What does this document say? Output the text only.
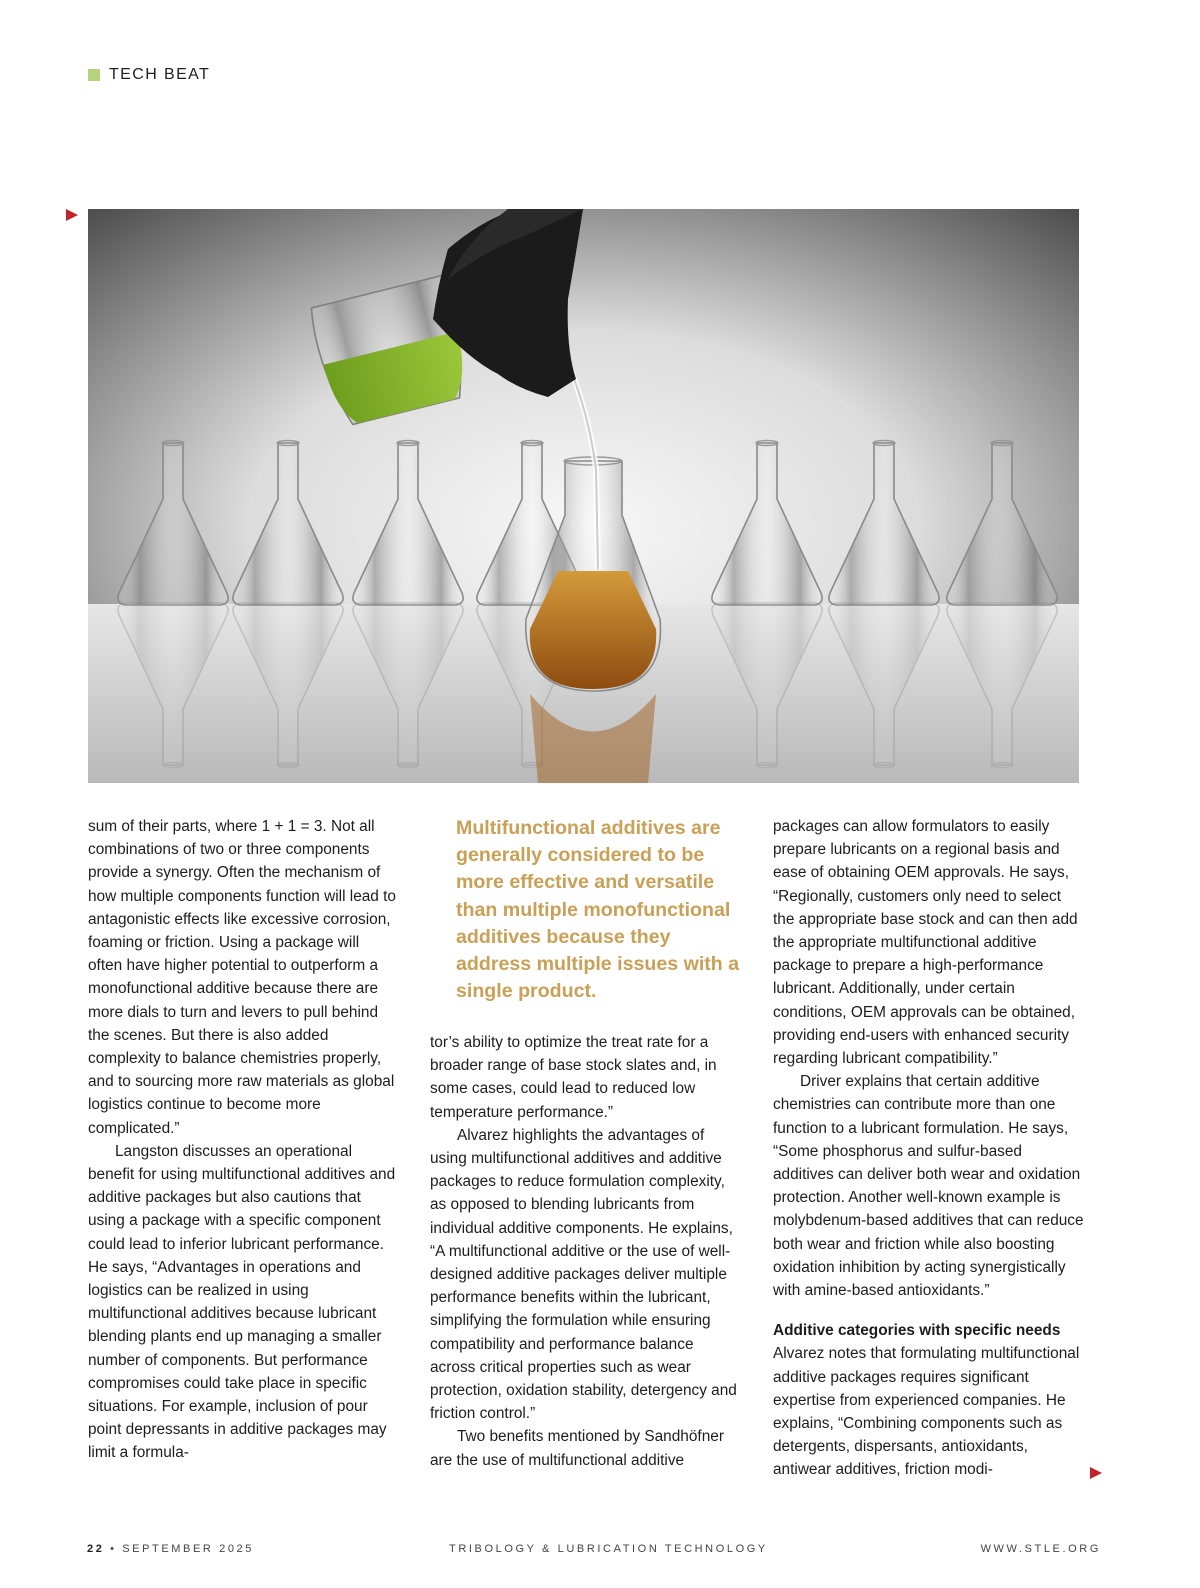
TECH BEAT

sum of their parts, where 1 + 1 = 3. Not all combinations of two or three components provide a synergy. Often the mechanism of how multiple components function will lead to antagonistic effects like excessive corrosion, foaming or friction. Using a package will often have higher potential to outperform a monofunctional additive because there are more dials to turn and levers to pull behind the scenes. But there is also added complexity to balance chemistries properly, and to sourcing more raw materials as global logistics continue to become more complicated.”

Langston discusses an operational benefit for using multifunctional additives and additive packages but also cautions that using a package with a specific component could lead to inferior lubricant performance. He says, “Advantages in operations and logistics can be realized in using multifunctional additives because lubricant blending plants end up managing a smaller number of components. But performance compromises could take place in specific situations. For example, inclusion of pour point depressants in additive packages may limit a formula-

Multifunctional additives are generally considered to be more effective and versatile than multiple monofunctional additives because they address multiple issues with a single product.

tor’s ability to optimize the treat rate for a broader range of base stock slates and, in some cases, could lead to reduced low temperature performance.”

Alvarez highlights the advantages of using multifunctional additives and additive packages to reduce formulation complexity, as opposed to blending lubricants from individual additive components. He explains, “A multifunctional additive or the use of well-designed additive packages deliver multiple performance benefits within the lubricant, simplifying the formulation while ensuring compatibility and performance balance across critical properties such as wear protection, oxidation stability, detergency and friction control.”

Two benefits mentioned by Sandhöfner are the use of multifunctional additive

packages can allow formulators to easily prepare lubricants on a regional basis and ease of obtaining OEM approvals. He says, “Regionally, customers only need to select the appropriate base stock and can then add the appropriate multifunctional additive package to prepare a high-performance lubricant. Additionally, under certain conditions, OEM approvals can be obtained, providing end-users with enhanced security regarding lubricant compatibility.”

Driver explains that certain additive chemistries can contribute more than one function to a lubricant formulation. He says, “Some phosphorus and sulfur-based additives can deliver both wear and oxidation protection. Another well-known example is molybdenum-based additives that can reduce both wear and friction while also boosting oxidation inhibition by acting synergistically with amine-based antioxidants.”

Additive categories with specific needs

Alvarez notes that formulating multifunctional additive packages requires significant expertise from experienced companies. He explains, “Combining components such as detergents, dispersants, antioxidants, antiwear additives, friction modi-

22 • SEPTEMBER 2025	TRIBOLOGY & LUBRICATION TECHNOLOGY	WWW.STLE.ORG
